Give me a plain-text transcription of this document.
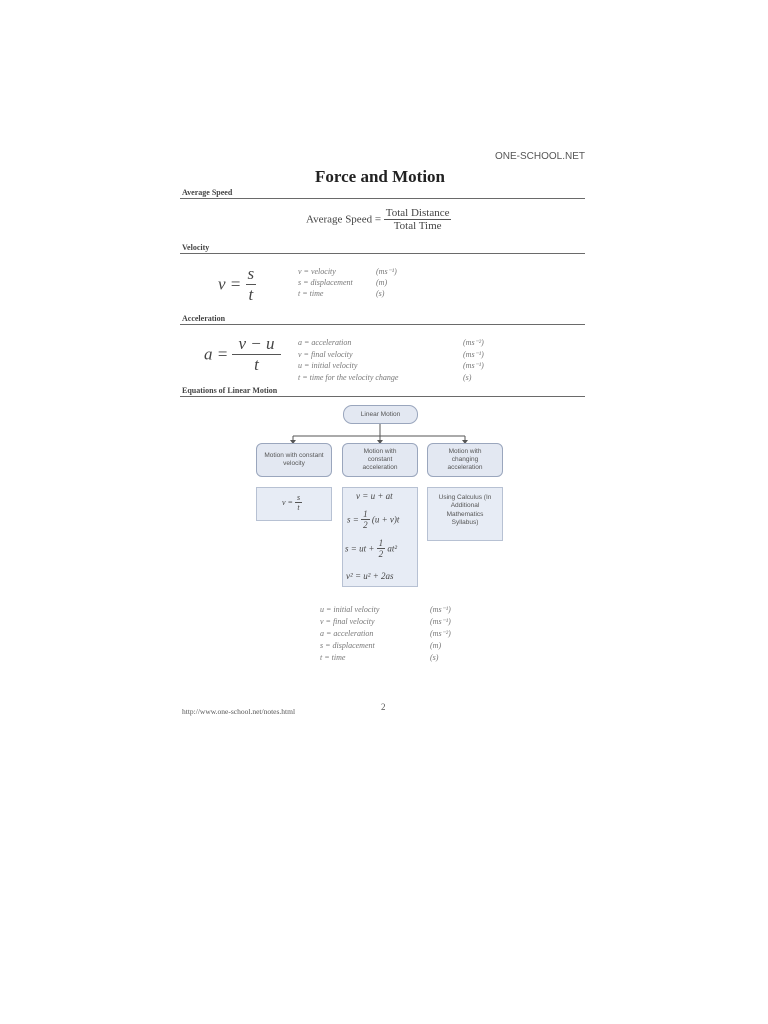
ONE-SCHOOL.NET
Force and Motion
Average Speed
Average Speed = $\frac{\text{Total Distance}}{\text{Total Time}}$
Velocity
$v = \frac{s}{t}$	v = velocity	(ms⁻¹)
s = displacement	(m)
t = time	(s)
Acceleration
$a = \frac{v - u}{t}$ a = acceleration	(ms⁻²)
v = final velocity	(ms⁻¹)
u = initial velocity	(ms⁻¹)
t = time for the velocity change	(s)
Equations of Linear Motion
Linear Motion
Motion with constant velocity
Motion with constant acceleration
Motion with changing acceleration
$v = \frac{s}{t}$	v = u + at
$s = \frac{1}{2} (u + v)t$
s = ut + $\frac{1}{2} at^2$
v² = u² + 2as
Using Calculus (In Additional Mathematics Syllabus)
u = initial velocity	(ms⁻¹)
v = final velocity	(ms⁻¹)
a = acceleration	(ms⁻²)
s = displacement	(m)
t = time	(s)
http://www.one-school.net/notes.html	2
